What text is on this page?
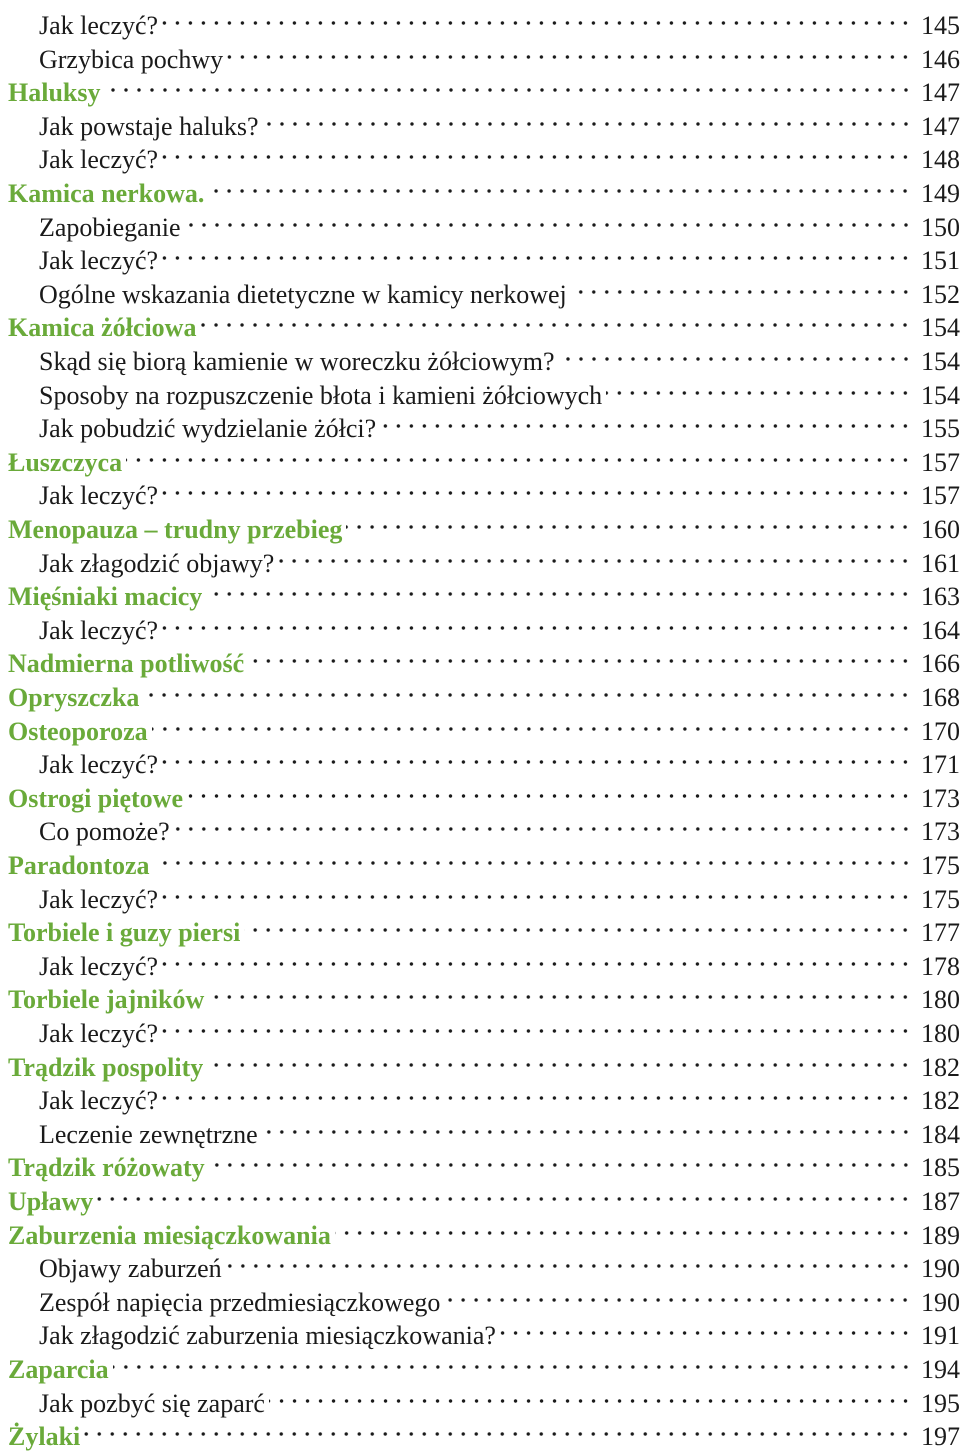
Jak leczyć?	145
Grzybica pochwy	146
Haluksy	147
Jak powstaje haluks?	147
Jak leczyć?	148
Kamica nerkowa.	149
Zapobieganie	150
Jak leczyć?	151
Ogólne wskazania dietetyczne w kamicy nerkowej	152
Kamica żółciowa	154
Skąd się biorą kamienie w woreczku żółciowym?	154
Sposoby na rozpuszczenie błota i kamieni żółciowych	154
Jak pobudzić wydzielanie żółci?	155
Łuszczyca	157
Jak leczyć?	157
Menopauza – trudny przebieg	160
Jak złagodzić objawy?	161
Mięśniaki macicy	163
Jak leczyć?	164
Nadmierna potliwość	166
Opryszczka	168
Osteoporoza	170
Jak leczyć?	171
Ostrogi piętowe	173
Co pomoże?	173
Paradontoza	175
Jak leczyć?	175
Torbiele i guzy piersi	177
Jak leczyć?	178
Torbiele jajników	180
Jak leczyć?	180
Trądzik pospolity	182
Jak leczyć?	182
Leczenie zewnętrzne	184
Trądzik różowaty	185
Upławy	187
Zaburzenia miesiączkowania	189
Objawy zaburzeń	190
Zespół napięcia przedmiesiączkowego	190
Jak złagodzić zaburzenia miesiączkowania?	191
Zaparcia	194
Jak pozbyć się zaparć	195
Żylaki	197
